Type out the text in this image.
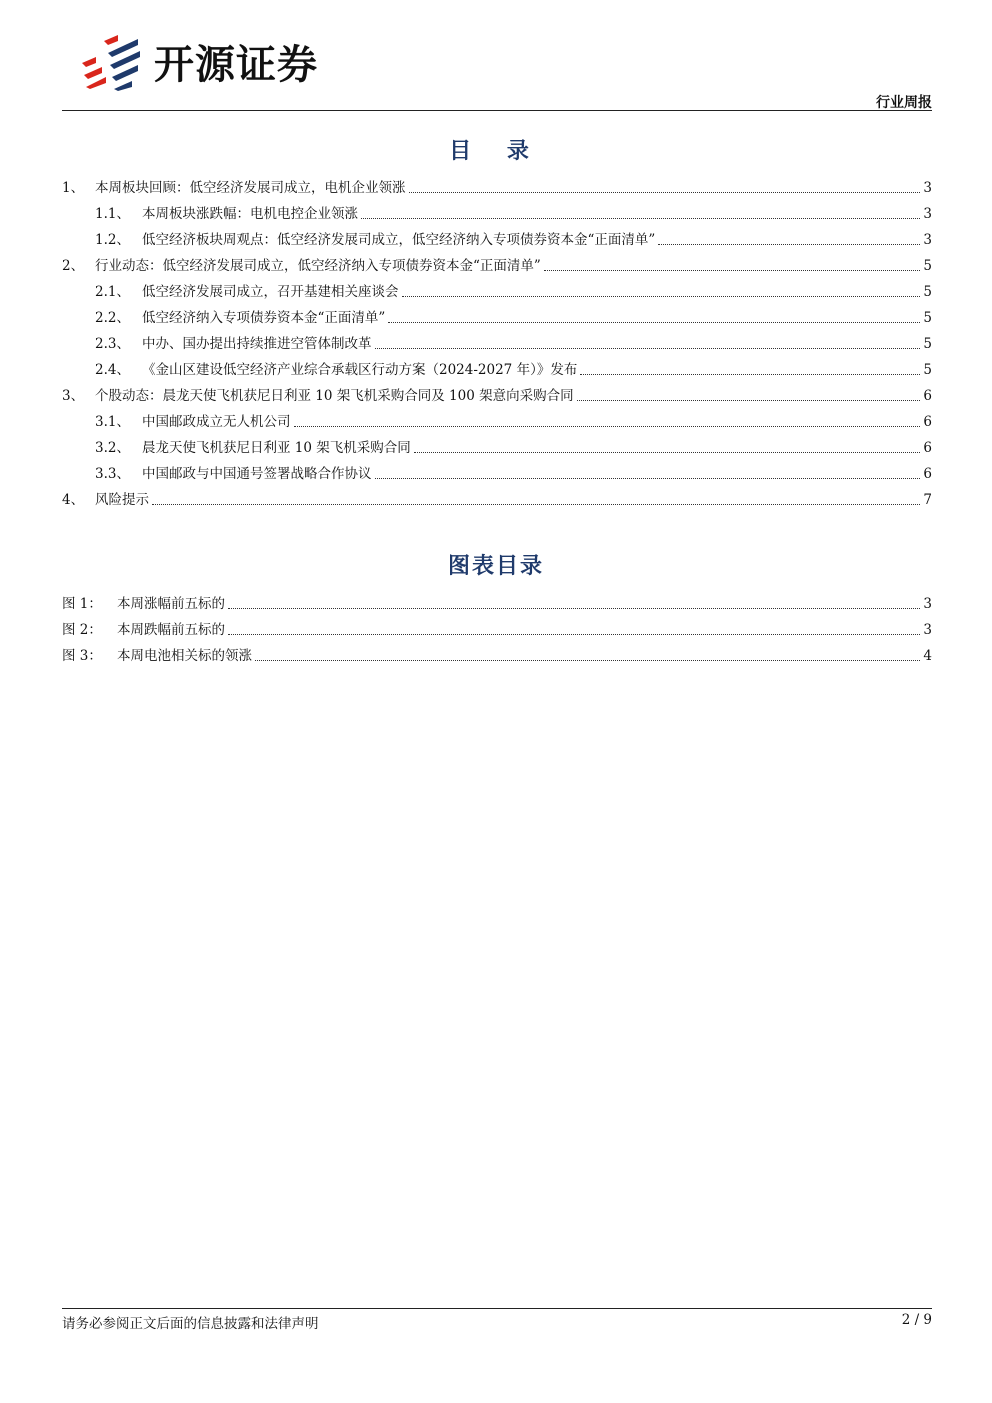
开源证券
行业周报
目 录
1、 本周板块回顾：低空经济发展司成立，电机企业领涨	3
1.1、 本周板块涨跌幅：电机电控企业领涨	3
1.2、 低空经济板块周观点：低空经济发展司成立，低空经济纳入专项债券资本金“正面清单”	3
2、 行业动态：低空经济发展司成立，低空经济纳入专项债券资本金“正面清单”	5
2.1、 低空经济发展司成立，召开基建相关座谈会	5
2.2、 低空经济纳入专项债券资本金“正面清单”	5
2.3、 中办、国办提出持续推进空管体制改革	5
2.4、 《金山区建设低空经济产业综合承载区行动方案（2024-2027 年）》发布	5
3、 个股动态：晨龙天使飞机获尼日利亚 10 架飞机采购合同及 100 架意向采购合同	6
3.1、 中国邮政成立无人机公司	6
3.2、 晨龙天使飞机获尼日利亚 10 架飞机采购合同	6
3.3、 中国邮政与中国通号签署战略合作协议	6
4、 风险提示	7
图表目录
图 1：	本周涨幅前五标的	3
图 2：	本周跌幅前五标的	3
图 3：	本周电池相关标的领涨	4
请务必参阅正文后面的信息披露和法律声明	2 / 9
